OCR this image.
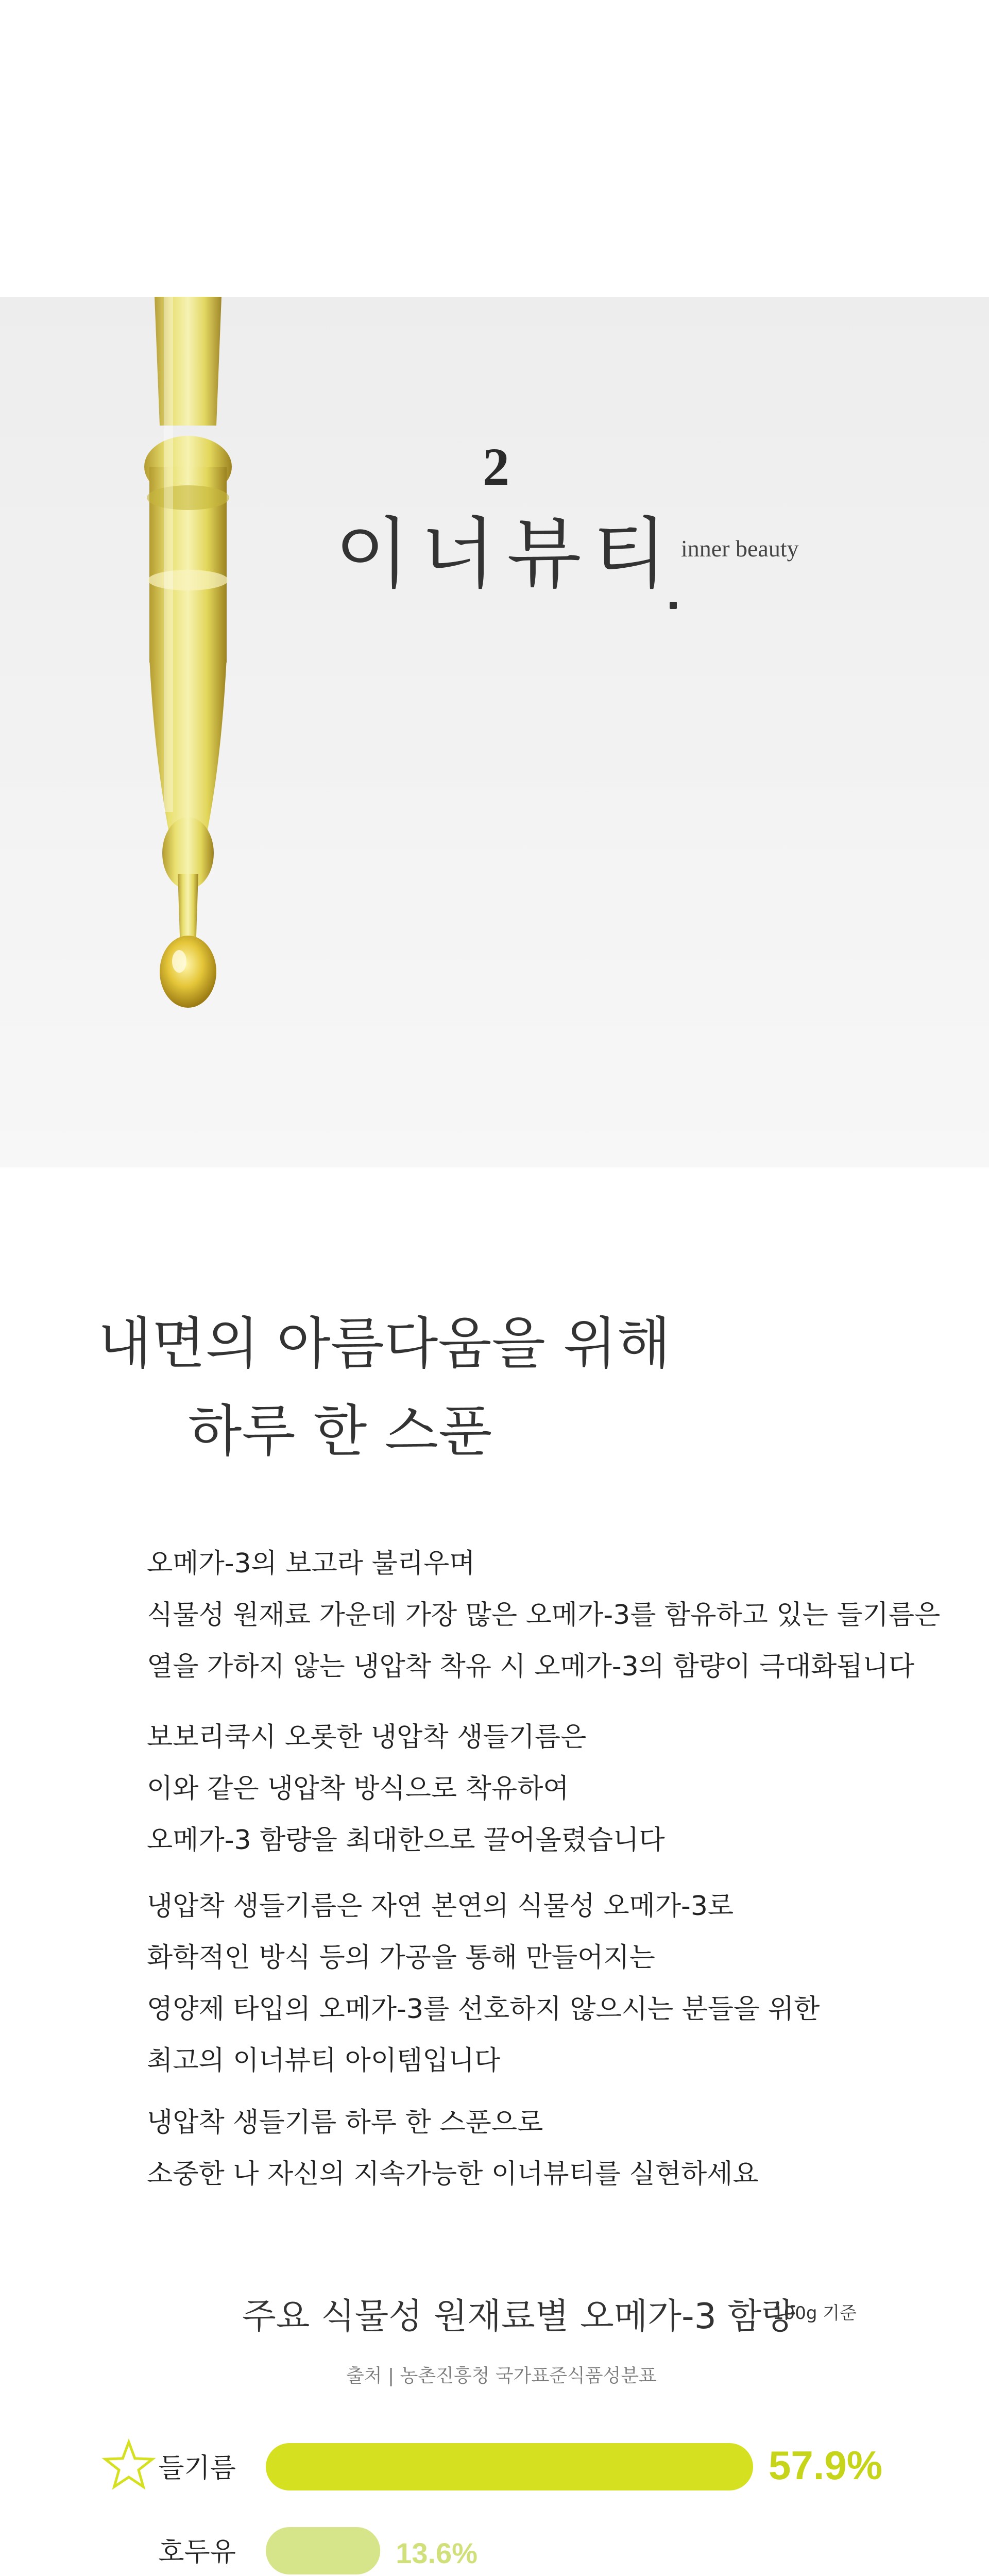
2
이너뷰티 inner beauty
내면의 아름다움을 위해
하루 한 스푼
오메가-3의 보고라 불리우며
식물성 원재료 가운데 가장 많은 오메가-3를 함유하고 있는 들기름은
열을 가하지 않는 냉압착 착유 시 오메가-3의 함량이 극대화됩니다
보보리쿡시 오롯한 냉압착 생들기름은
이와 같은 냉압착 방식으로 착유하여
오메가-3 함량을 최대한으로 끌어올렸습니다
냉압착 생들기름은 자연 본연의 식물성 오메가-3로
화학적인 방식 등의 가공을 통해 만들어지는
영양제 타입의 오메가-3를 선호하지 않으시는 분들을 위한
최고의 이너뷰티 아이템입니다
냉압착 생들기름 하루 한 스푼으로
소중한 나 자신의 지속가능한 이너뷰티를 실현하세요
주요 식물성 원재료별 오메가-3 함량
100g 기준
출처 | 농촌진흥청 국가표준식품성분표
들기름	57.9%
호두유	13.6%
